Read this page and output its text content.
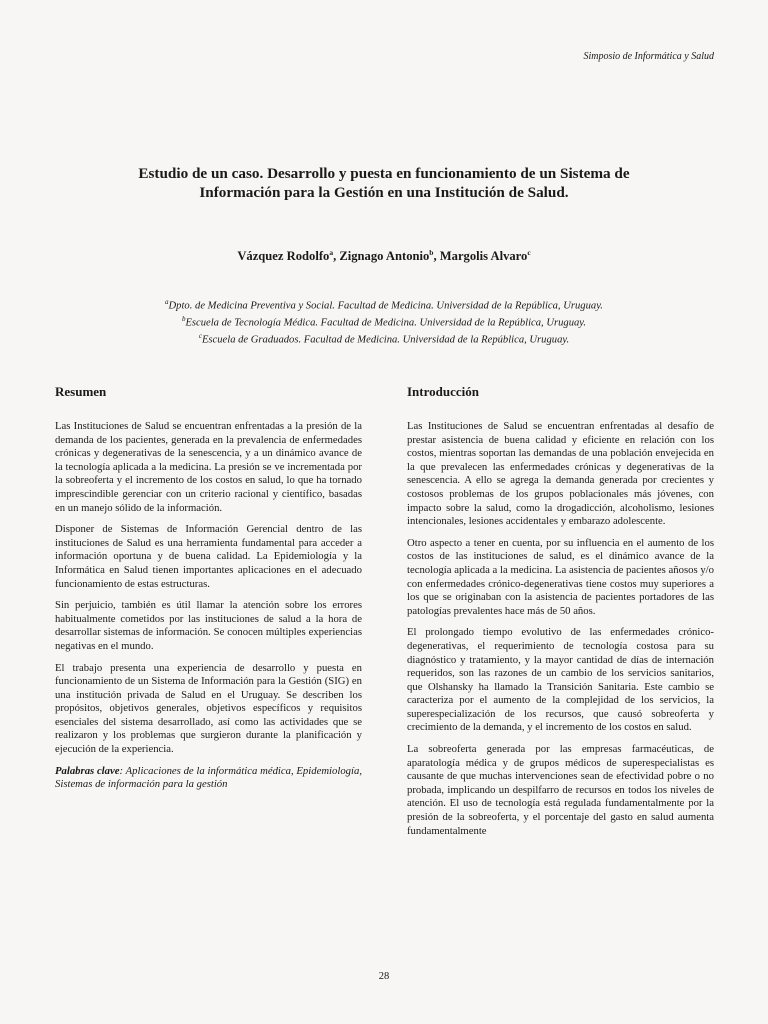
Simposio de Informática y Salud
Estudio de un caso. Desarrollo y puesta en funcionamiento de un Sistema de
Información para la Gestión en una Institución de Salud.
Vázquez Rodolfo$^a$, Zignago Antonio$^b$, Margolis Alvaro$^c$
$^a$Dpto. de Medicina Preventiva y Social. Facultad de Medicina. Universidad de la República, Uruguay.
$^b$Escuela de Tecnología Médica. Facultad de Medicina. Universidad de la República, Uruguay.
$^c$Escuela de Graduados. Facultad de Medicina. Universidad de la República, Uruguay.
Resumen

Las Instituciones de Salud se encuentran enfrentadas a la presión de la demanda de los pacientes, generada en la prevalencia de enfermedades crónicas y degenerativas de la senescencia, y a un dinámico avance de la tecnología aplicada a la medicina. La presión se ve incrementada por la sobreoferta y el incremento de los costos en salud, lo que ha tornado imprescindible gerenciar con un criterio racional y científico, basadas en un manejo sólido de la información.

Disponer de Sistemas de Información Gerencial dentro de las instituciones de Salud es una herramienta fundamental para acceder a información oportuna y de buena calidad. La Epidemiología y la Informática en Salud tienen importantes aplicaciones en el adecuado funcionamiento de estas estructuras.

Sin perjuicio, también es útil llamar la atención sobre los errores habitualmente cometidos por las instituciones de salud a la hora de desarrollar sistemas de información. Se conocen múltiples experiencias negativas en el mundo.

El trabajo presenta una experiencia de desarrollo y puesta en funcionamiento de un Sistema de Información para la Gestión (SIG) en una institución privada de Salud en el Uruguay. Se describen los propósitos, objetivos generales, objetivos específicos y requisitos esenciales del sistema desarrollado, así como las actividades que se realizaron y los problemas que surgieron durante la planificación y ejecución de la experiencia.

Palabras clave: Aplicaciones de la informática médica, Epidemiología, Sistemas de información para la gestión

Introducción

Las Instituciones de Salud se encuentran enfrentadas al desafío de prestar asistencia de buena calidad y eficiente en relación con los costos, mientras soportan las demandas de una población envejecida en la que prevalecen las enfermedades crónicas y degenerativas de la senescencia. A ello se agrega la demanda generada por crecientes y costosos problemas de los grupos poblacionales más jóvenes, con impacto sobre la salud, como la drogadicción, alcoholismo, lesiones intencionales, lesiones accidentales y embarazo adolescente.

Otro aspecto a tener en cuenta, por su influencia en el aumento de los costos de las instituciones de salud, es el dinámico avance de la tecnología aplicada a la medicina. La asistencia de pacientes añosos y/o con enfermedades crónico-degenerativas tiene costos muy superiores a los que se originaban con la asistencia de pacientes portadores de las patologías prevalentes hace más de 50 años.

El prolongado tiempo evolutivo de las enfermedades crónico-degenerativas, el requerimiento de tecnología costosa para su diagnóstico y tratamiento, y la mayor cantidad de días de internación requeridos, son las razones de un cambio de los servicios sanitarios, que Olshansky ha llamado la Transición Sanitaria. Este cambio se caracteriza por el aumento de la complejidad de los servicios, la superespecialización de los recursos, que causó sobreoferta y crecimiento de la demanda, y el incremento de los costos en salud.

La sobreoferta generada por las empresas farmacéuticas, de aparatología médica y de grupos médicos de superespecialistas es causante de que muchas intervenciones sean de efectividad pobre o no probada, implicando un despilfarro de recursos en todos los niveles de atención. El uso de tecnología está regulada fundamentalmente por la presión de la sobreoferta, y el porcentaje del gasto en salud aumenta fundamentalmente

28
